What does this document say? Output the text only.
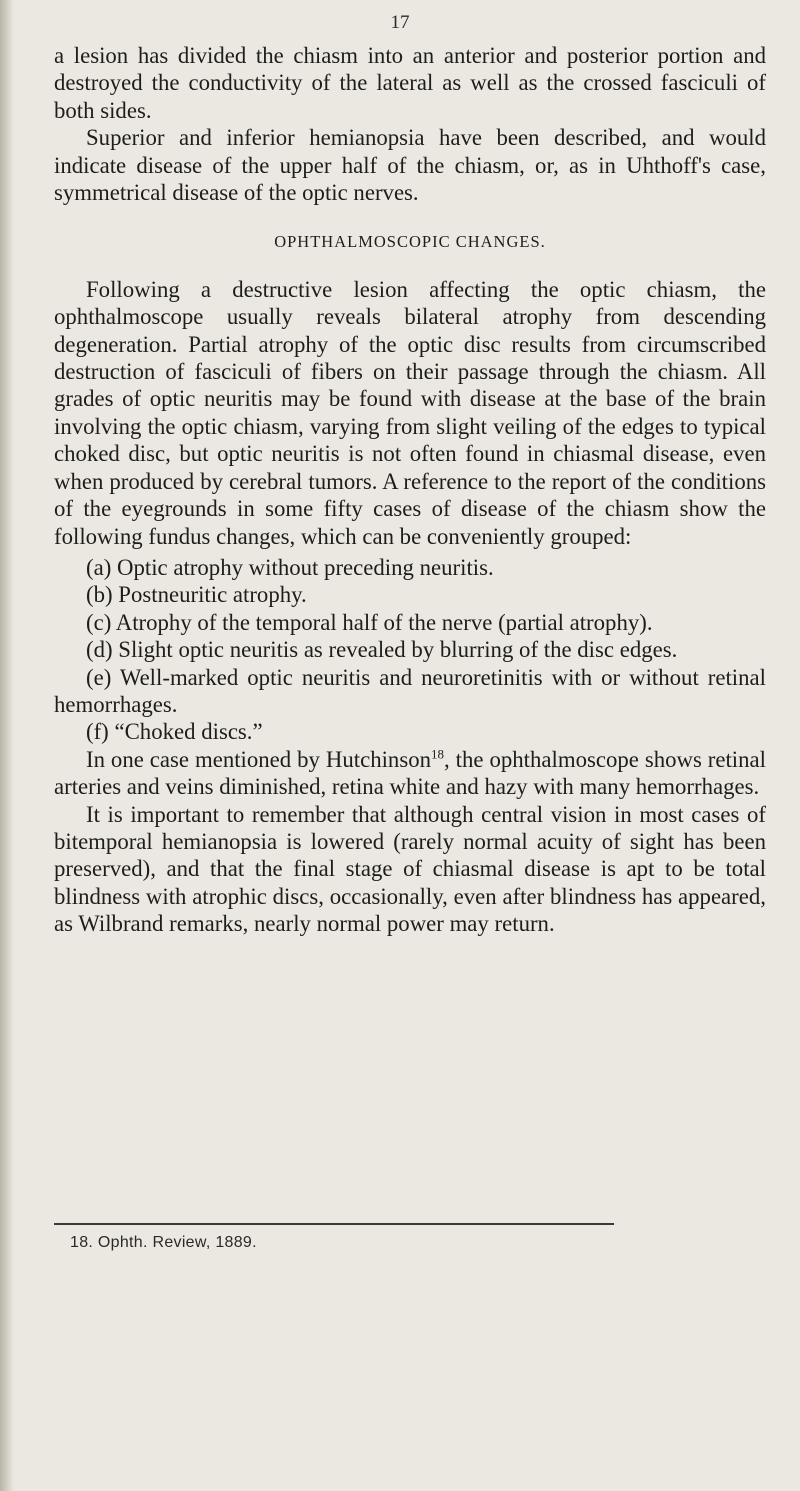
17

a lesion has divided the chiasm into an anterior and posterior portion and destroyed the conductivity of the lateral as well as the crossed fasciculi of both sides.

Superior and inferior hemianopsia have been described, and would indicate disease of the upper half of the chiasm, or, as in Uhthoff's case, symmetrical disease of the optic nerves.

OPHTHALMOSCOPIC CHANGES.

Following a destructive lesion affecting the optic chiasm, the ophthalmoscope usually reveals bilateral atrophy from descending degeneration. Partial atrophy of the optic disc results from circumscribed destruction of fasciculi of fibers on their passage through the chiasm. All grades of optic neuritis may be found with disease at the base of the brain involving the optic chiasm, varying from slight veiling of the edges to typical choked disc, but optic neuritis is not often found in chiasmal disease, even when produced by cerebral tumors. A reference to the report of the conditions of the eyegrounds in some fifty cases of disease of the chiasm show the following fundus changes, which can be conveniently grouped:

(a) Optic atrophy without preceding neuritis.

(b) Postneuritic atrophy.

(c) Atrophy of the temporal half of the nerve (partial atrophy).

(d) Slight optic neuritis as revealed by blurring of the disc edges.

(e) Well-marked optic neuritis and neuroretinitis with or without retinal hemorrhages.

(f) “Choked discs.”

In one case mentioned by Hutchinson$^{18}$, the ophthalmoscope shows retinal arteries and veins diminished, retina white and hazy with many hemorrhages.

It is important to remember that although central vision in most cases of bitemporal hemianopsia is lowered (rarely normal acuity of sight has been preserved), and that the final stage of chiasmal disease is apt to be total blindness with atrophic discs, occasionally, even after blindness has appeared, as Wilbrand remarks, nearly normal power may return.

18. Ophth. Review, 1889.
